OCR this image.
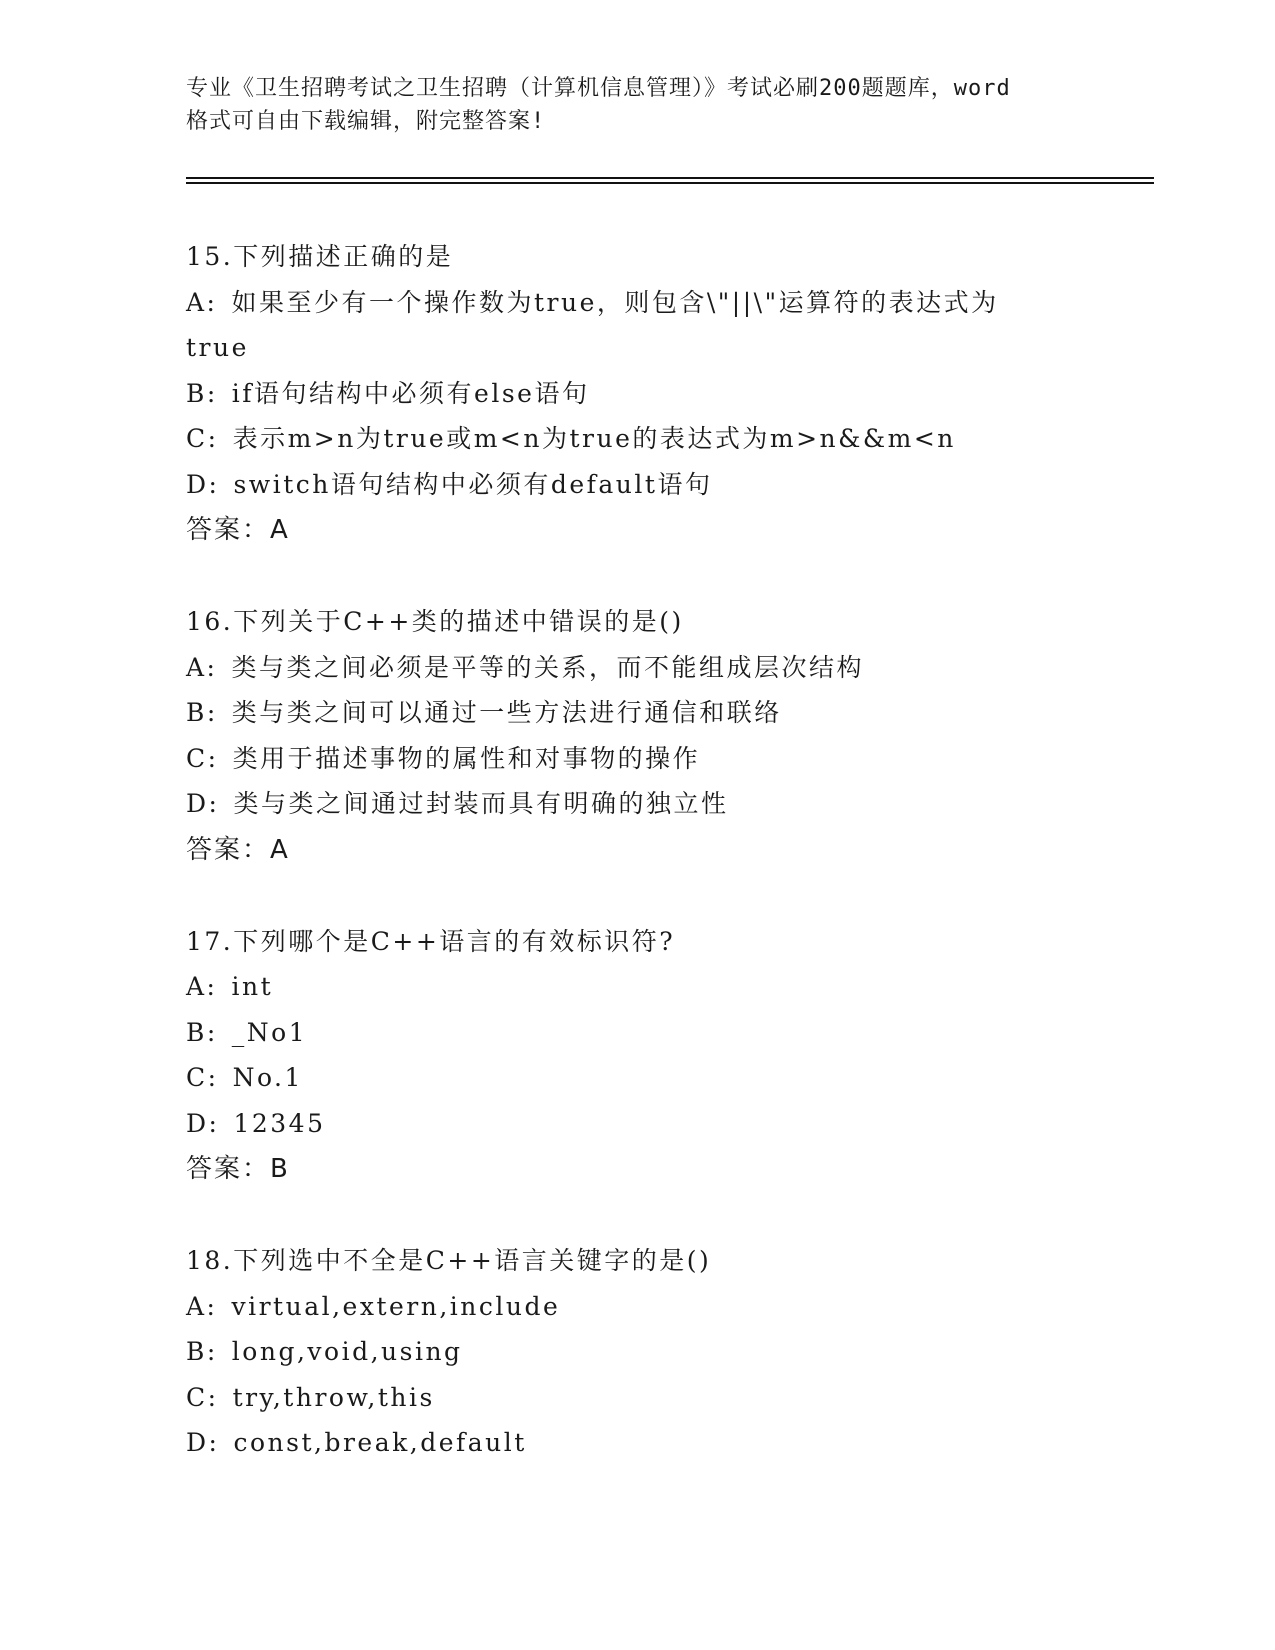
专业《卫生招聘考试之卫生招聘（计算机信息管理）》考试必刷200题题库，word
格式可自由下载编辑，附完整答案!
15.下列描述正确的是
A: 如果至少有一个操作数为true，则包含\"||\"运算符的表达式为
true
B: if语句结构中必须有else语句
C: 表示m>n为true或m<n为true的表达式为m>n&&m<n
D: switch语句结构中必须有default语句
答案：A
16.下列关于C++类的描述中错误的是()
A: 类与类之间必须是平等的关系，而不能组成层次结构
B: 类与类之间可以通过一些方法进行通信和联络
C: 类用于描述事物的属性和对事物的操作
D: 类与类之间通过封装而具有明确的独立性
答案：A
17.下列哪个是C++语言的有效标识符?
A: int
B: _No1
C: No.1
D: 12345
答案：B
18.下列选中不全是C++语言关键字的是()
A: virtual,extern,include
B: long,void,using
C: try,throw,this
D: const,break,default
